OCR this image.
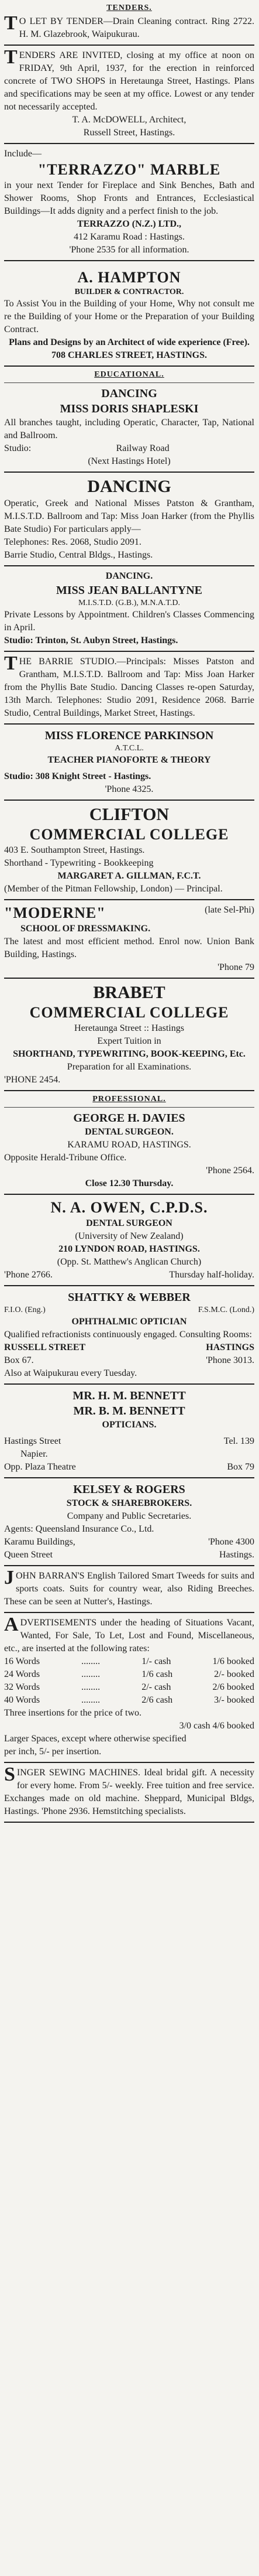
TENDERS.
T O LET BY TENDER—Drain Cleaning contract. Ring 2722. H. M. Glazebrook, Waipukurau.

T ENDERS ARE INVITED, closing at my office at noon on FRIDAY, 9th April, 1937, for the erection in reinforced concrete of TWO SHOPS in Heretaunga Street, Hastings. Plans and specifications may be seen at my office. Lowest or any tender not necessarily accepted.

T. A. McDOWELL, Architect,

Russell Street, Hastings.

Include—

"TERRAZZO" MARBLE

in your next Tender for Fireplace and Sink Benches, Bath and Shower Rooms, Shop Fronts and Entrances, Ecclesiastical Buildings—It adds dignity and a perfect finish to the job.

TERRAZZO (N.Z.) LTD.,

412 Karamu Road : Hastings.

'Phone 2535 for all information.

A. HAMPTON

BUILDER & CONTRACTOR.

To Assist You in the Building of your Home, Why not consult me re the Building of your Home or the Preparation of your Building Contract.

Plans and Designs by an Architect of wide experience (Free).

708 CHARLES STREET, HASTINGS.

EDUCATIONAL.

DANCING

MISS DORIS SHAPLESKI

All branches taught, including Operatic, Character, Tap, National and Ballroom.

Studio:	Railway Road

(Next Hastings Hotel)

DANCING

Operatic, Greek and National Misses Patston & Grantham, M.I.S.T.D. Ballroom and Tap: Miss Joan Harker (from the Phyllis Bate Studio) For particulars apply—

Telephones: Res. 2068, Studio 2091.

Barrie Studio, Central Bldgs., Hastings.

DANCING.

MISS JEAN BALLANTYNE

M.I.S.T.D. (G.B.), M.N.A.T.D.

Private Lessons by Appointment. Children's Classes Commencing in April.

Studio: Trinton, St. Aubyn Street, Hastings.

T HE BARRIE STUDIO.—Principals: Misses Patston and Grantham, M.I.S.T.D. Ballroom and Tap: Miss Joan Harker from the Phyllis Bate Studio. Dancing Classes re-open Saturday, 13th March. Telephones: Studio 2091, Residence 2068. Barrie Studio, Central Buildings, Market Street, Hastings.

MISS FLORENCE PARKINSON

A.T.C.L.

TEACHER PIANOFORTE & THEORY

Studio: 308 Knight Street - Hastings.

'Phone 4325.

CLIFTON

COMMERCIAL COLLEGE

403 E. Southampton Street, Hastings.

Shorthand - Typewriting - Bookkeeping

MARGARET A. GILLMAN, F.C.T.

(Member of the Pitman Fellowship, London) — Principal.

"MODERNE"	(late Sel-Phi)

SCHOOL OF DRESSMAKING.

The latest and most efficient method. Enrol now. Union Bank Building, Hastings.

'Phone 79

BRABET

COMMERCIAL COLLEGE

Heretaunga Street :: Hastings

Expert Tuition in

SHORTHAND, TYPEWRITING, BOOK-KEEPING, Etc.

Preparation for all Examinations.

'PHONE 2454.

PROFESSIONAL.

GEORGE H. DAVIES

DENTAL SURGEON.

KARAMU ROAD, HASTINGS.

Opposite Herald-Tribune Office.

'Phone 2564.

Close 12.30 Thursday.

N. A. OWEN, C.P.D.S.

DENTAL SURGEON

(University of New Zealand)

210 LYNDON ROAD, HASTINGS.

(Opp. St. Matthew's Anglican Church)

'Phone 2766.	Thursday half-holiday.

SHATTKY & WEBBER

F.I.O. (Eng.)	F.S.M.C. (Lond.)

OPHTHALMIC OPTICIAN

Qualified refractionists continuously engaged. Consulting Rooms:

RUSSELL STREET	HASTINGS

Box 67.	'Phone 3013.

Also at Waipukurau every Tuesday.

MR. H. M. BENNETT

MR. B. M. BENNETT

OPTICIANS.

Hastings Street	Tel. 139

Napier.

Opp. Plaza Theatre	Box 79

KELSEY & ROGERS

STOCK & SHAREBROKERS.

Company and Public Secretaries.

Agents: Queensland Insurance Co., Ltd.

Karamu Buildings,	'Phone 4300

Queen Street	Hastings.

J OHN BARRAN'S English Tailored Smart Tweeds for suits and sports coats. Suits for country wear, also Riding Breeches. These can be seen at Nutter's, Hastings.

A DVERTISEMENTS under the heading of Situations Vacant, Wanted, For Sale, To Let, Lost and Found, Miscellaneous, etc., are inserted at the following rates:

16 Words	........	1/- cash	1/6 booked

24 Words	........	1/6 cash	2/- booked

32 Words	........	2/- cash	2/6 booked

40 Words	........	2/6 cash	3/- booked

Three insertions for the price of two.

3/0 cash 4/6 booked

Larger Spaces, except where otherwise specified

per inch, 5/- per insertion.

S INGER SEWING MACHINES. Ideal bridal gift. A necessity for every home. From 5/- weekly. Free tuition and free service. Exchanges made on old machine. Sheppard, Municipal Bldgs, Hastings. 'Phone 2936. Hemstitching specialists.
